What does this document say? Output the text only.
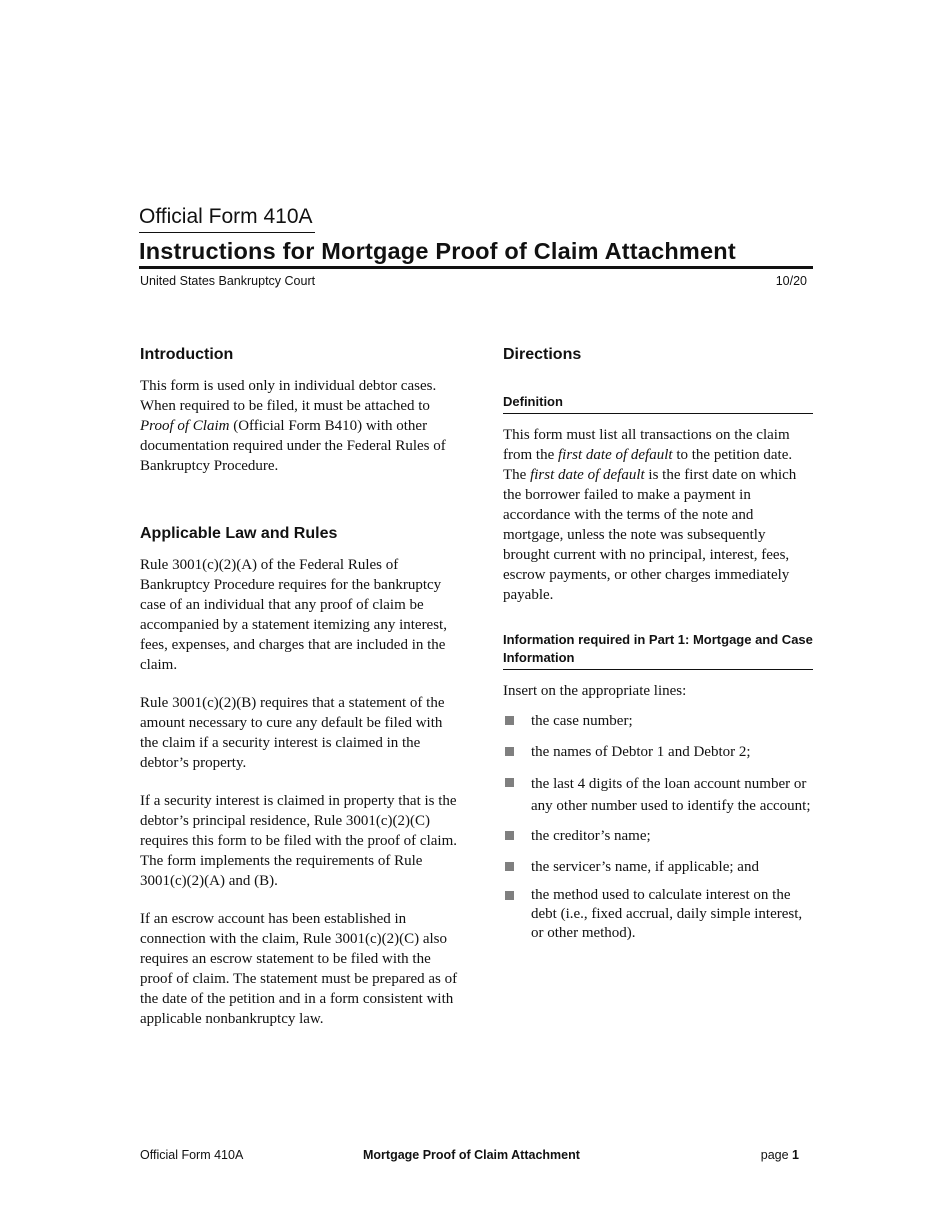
Official Form 410A
Instructions for Mortgage Proof of Claim Attachment
United States Bankruptcy Court	10/20
Introduction

This form is used only in individual debtor cases. When required to be filed, it must be attached to Proof of Claim (Official Form B410) with other documentation required under the Federal Rules of Bankruptcy Procedure.

Applicable Law and Rules

Rule 3001(c)(2)(A) of the Federal Rules of Bankruptcy Procedure requires for the bankruptcy case of an individual that any proof of claim be accompanied by a statement itemizing any interest, fees, expenses, and charges that are included in the claim.

Rule 3001(c)(2)(B) requires that a statement of the amount necessary to cure any default be filed with the claim if a security interest is claimed in the debtor’s property.

If a security interest is claimed in property that is the debtor’s principal residence, Rule 3001(c)(2)(C) requires this form to be filed with the proof of claim. The form implements the requirements of Rule 3001(c)(2)(A) and (B).

If an escrow account has been established in connection with the claim, Rule 3001(c)(2)(C) also requires an escrow statement to be filed with the proof of claim. The statement must be prepared as of the date of the petition and in a form consistent with applicable nonbankruptcy law.

Directions
Definition

This form must list all transactions on the claim from the first date of default to the petition date. The first date of default is the first date on which the borrower failed to make a payment in accordance with the terms of the note and mortgage, unless the note was subsequently brought current with no principal, interest, fees, escrow payments, or other charges immediately payable.

Information required in Part 1: Mortgage and Case Information

Insert on the appropriate lines:

the case number;
the names of Debtor 1 and Debtor 2;
the last 4 digits of the loan account number or any other number used to identify the account;
the creditor’s name;
the servicer’s name, if applicable; and
the method used to calculate interest on the debt (i.e., fixed accrual, daily simple interest, or other method).
Official Form 410A	Mortgage Proof of Claim Attachment	page 1
